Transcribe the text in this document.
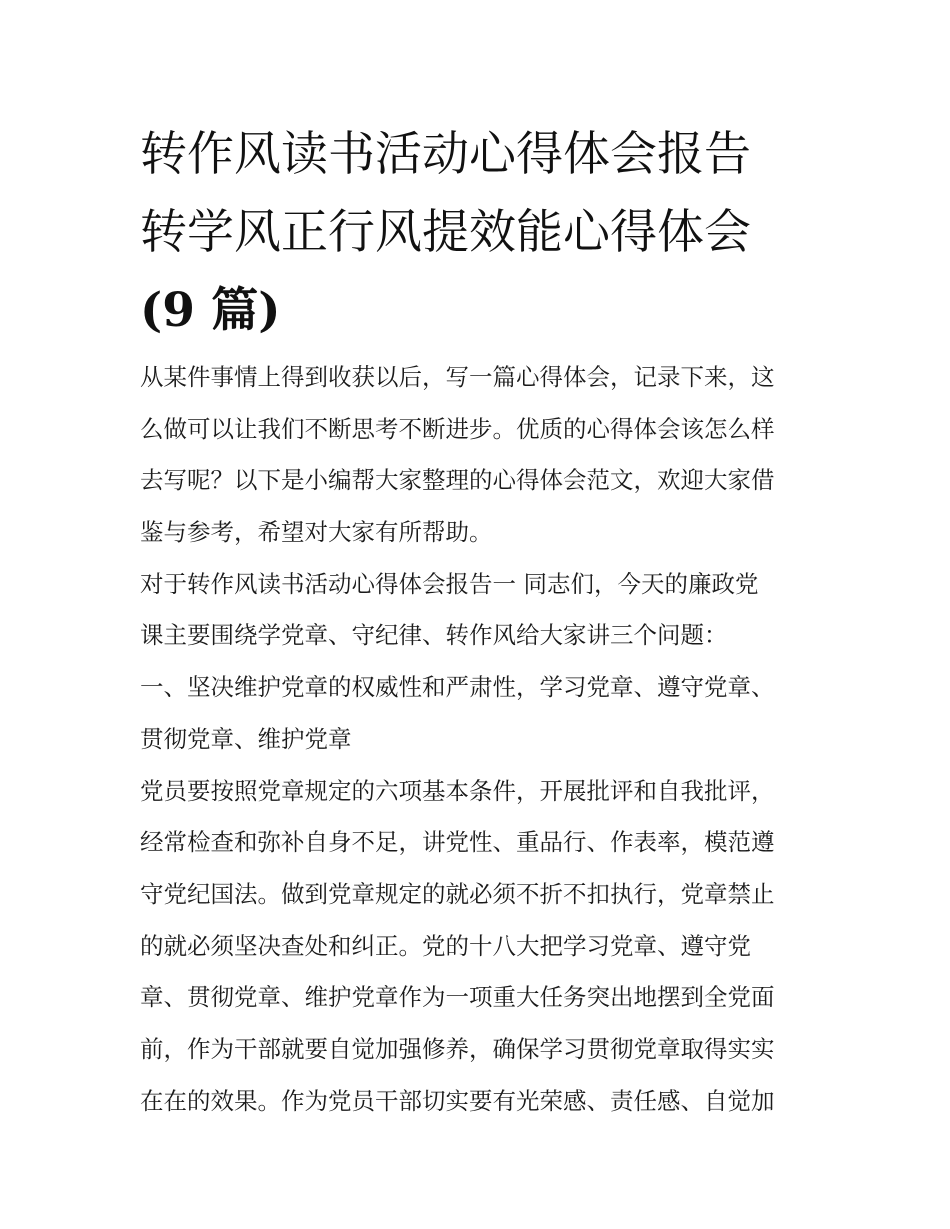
转作风读书活动心得体会报告
转学风正行风提效能心得体会
(9 篇)
从某件事情上得到收获以后，写一篇心得体会，记录下来，这
么做可以让我们不断思考不断进步。优质的心得体会该怎么样
去写呢？以下是小编帮大家整理的心得体会范文，欢迎大家借
鉴与参考，希望对大家有所帮助。
对于转作风读书活动心得体会报告一 同志们，今天的廉政党
课主要围绕学党章、守纪律、转作风给大家讲三个问题：
一、坚决维护党章的权威性和严肃性，学习党章、遵守党章、
贯彻党章、维护党章
党员要按照党章规定的六项基本条件，开展批评和自我批评，
经常检查和弥补自身不足，讲党性、重品行、作表率，模范遵
守党纪国法。做到党章规定的就必须不折不扣执行，党章禁止
的就必须坚决查处和纠正。党的十八大把学习党章、遵守党
章、贯彻党章、维护党章作为一项重大任务突出地摆到全党面
前，作为干部就要自觉加强修养，确保学习贯彻党章取得实实
在在的效果。作为党员干部切实要有光荣感、责任感、自觉加
